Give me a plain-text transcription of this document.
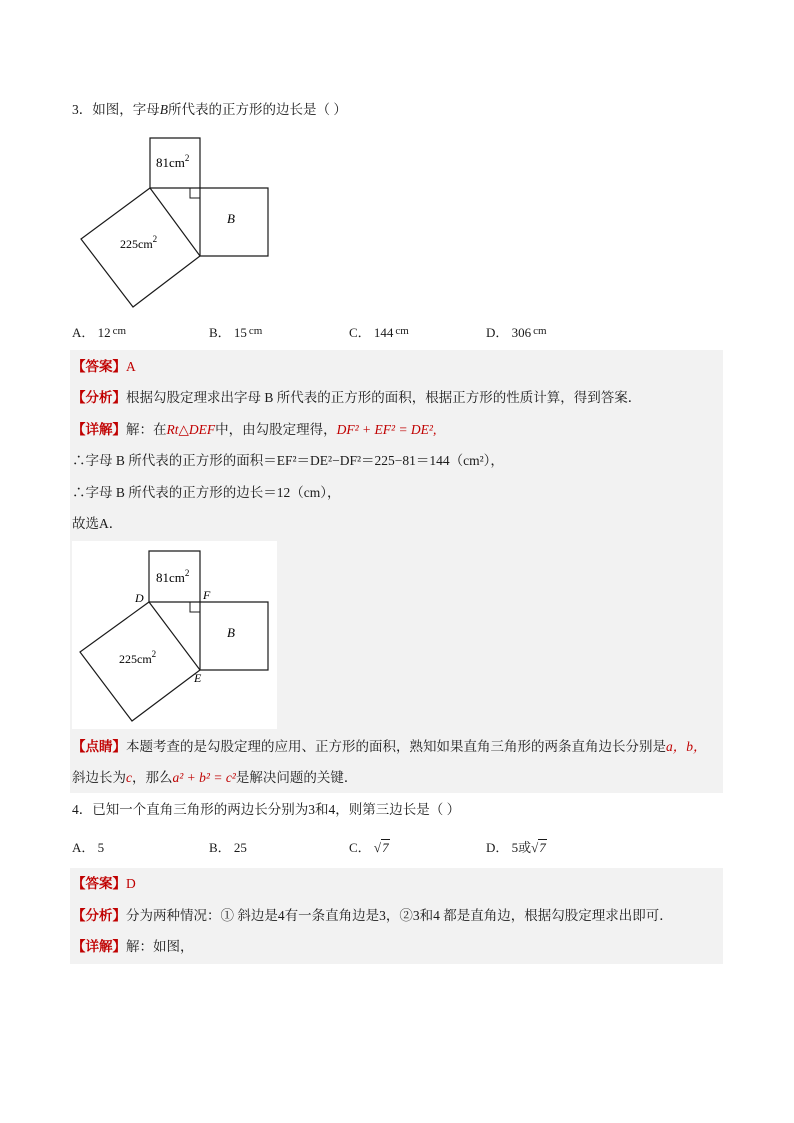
3．如图，字母B所代表的正方形的边长是（ ）
$81cm^2$
$225cm^2$
B
A． 12 $^{cm}$	B． 15 $^{cm}$	C． 144 $^{cm}$	D． 306 $^{cm}$
【答案】A
【分析】根据勾股定理求出字母 B 所代表的正方形的面积，根据正方形的性质计算，得到答案．
【详解】解：在Rt△DEF中，由勾股定理得，DF² + EF² = DE²,
∴字母 B 所代表的正方形的面积＝EF²＝DE²−DF²＝225−81＝144（cm²），
∴字母 B 所代表的正方形的边长＝12（cm），
故选A．
$81cm^2$
$225cm^2$
B
D	F
E
【点睛】本题考查的是勾股定理的应用、正方形的面积，熟知如果直角三角形的两条直角边长分别是a，b，
斜边长为c，那么a² + b² = c²是解决问题的关键．
4．已知一个直角三角形的两边长分别为3和4，则第三边长是（ ）
A． 5	B． 25	C． √7	D． 5或√7
【答案】D
【分析】分为两种情况：① 斜边是4有一条直角边是3，②3和4 都是直角边，根据勾股定理求出即可．
【详解】解：如图，
